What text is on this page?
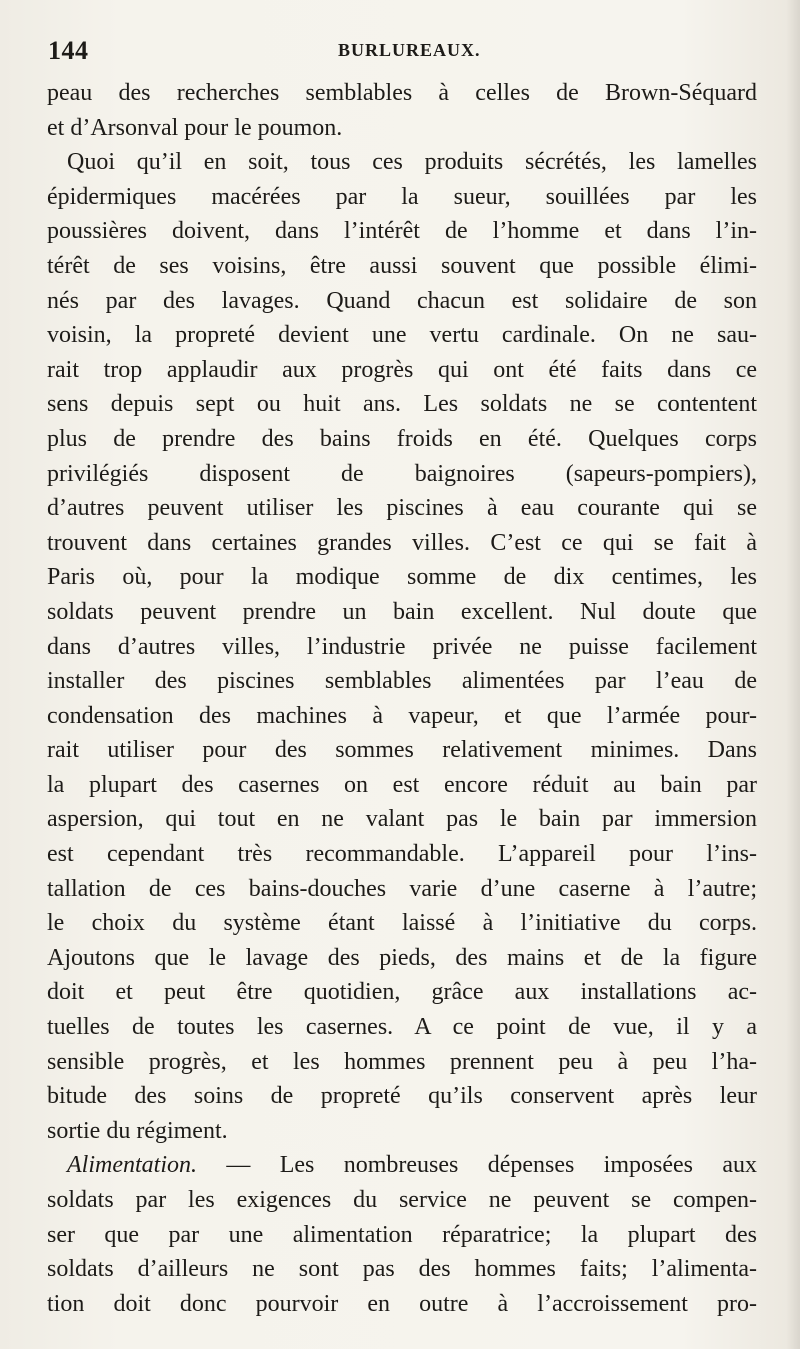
144	BURLUREAUX.
peau des recherches semblables à celles de Brown-Séquard
et d’Arsonval pour le poumon.
Quoi qu’il en soit, tous ces produits sécrétés, les lamelles
épidermiques macérées par la sueur, souillées par les
poussières doivent, dans l’intérêt de l’homme et dans l’in-
térêt de ses voisins, être aussi souvent que possible élimi-
nés par des lavages. Quand chacun est solidaire de son
voisin, la propreté devient une vertu cardinale. On ne sau-
rait trop applaudir aux progrès qui ont été faits dans ce
sens depuis sept ou huit ans. Les soldats ne se contentent
plus de prendre des bains froids en été. Quelques corps
privilégiés disposent de baignoires (sapeurs-pompiers),
d’autres peuvent utiliser les piscines à eau courante qui se
trouvent dans certaines grandes villes. C’est ce qui se fait à
Paris où, pour la modique somme de dix centimes, les
soldats peuvent prendre un bain excellent. Nul doute que
dans d’autres villes, l’industrie privée ne puisse facilement
installer des piscines semblables alimentées par l’eau de
condensation des machines à vapeur, et que l’armée pour-
rait utiliser pour des sommes relativement minimes. Dans
la plupart des casernes on est encore réduit au bain par
aspersion, qui tout en ne valant pas le bain par immersion
est cependant très recommandable. L’appareil pour l’ins-
tallation de ces bains-douches varie d’une caserne à l’autre;
le choix du système étant laissé à l’initiative du corps.
Ajoutons que le lavage des pieds, des mains et de la figure
doit et peut être quotidien, grâce aux installations ac-
tuelles de toutes les casernes. A ce point de vue, il y a
sensible progrès, et les hommes prennent peu à peu l’ha-
bitude des soins de propreté qu’ils conservent après leur
sortie du régiment.
Alimentation. — Les nombreuses dépenses imposées aux
soldats par les exigences du service ne peuvent se compen-
ser que par une alimentation réparatrice; la plupart des
soldats d’ailleurs ne sont pas des hommes faits; l’alimenta-
tion doit donc pourvoir en outre à l’accroissement pro-
